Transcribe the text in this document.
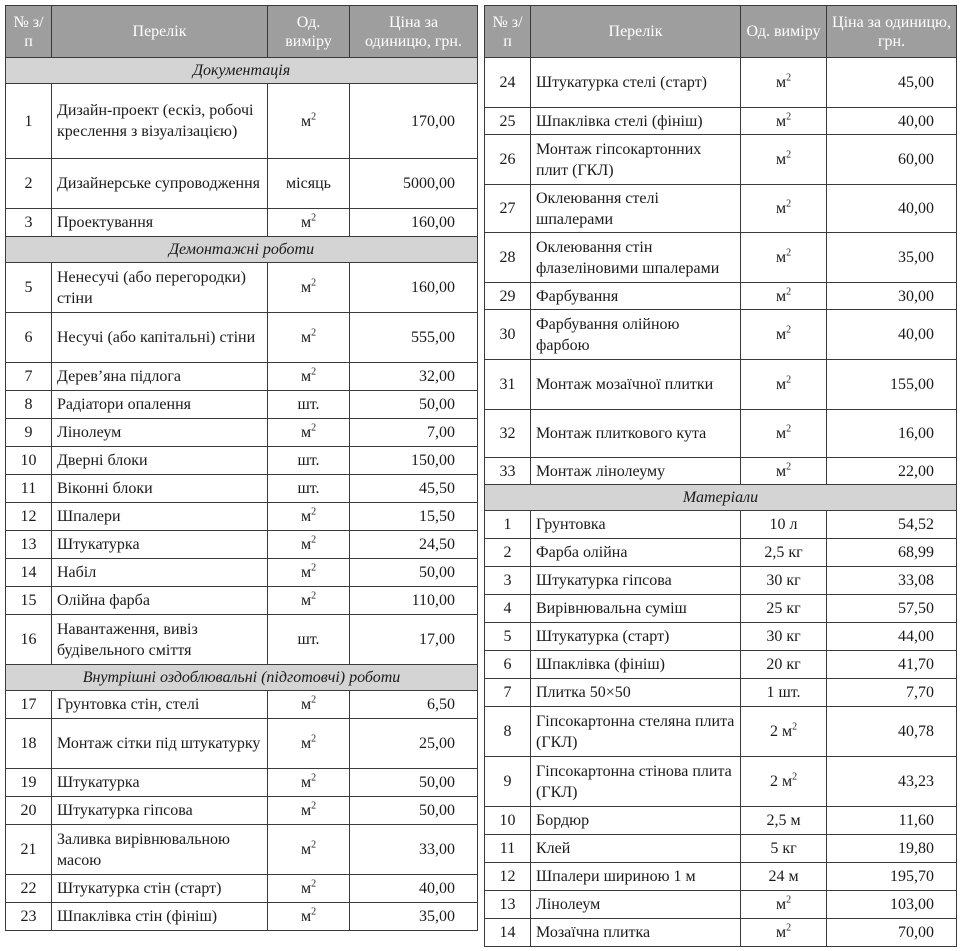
№ з/п	Перелік	Од. виміру	Ціна за одиницю, грн.
Документація			
1	Дизайн-проект (ескіз, робочі креслення з візуалізацією)	$м^2$	170,00
2	Дизайнерське супроводження	місяць	5000,00
3	Проектування	$м^2$	160,00
Демонтажні роботи			
5	Ненесучі (або перегородки) стіни	$м^2$	160,00
6	Несучі (або капітальні) стіни	$м^2$	555,00
7	Дерев’яна підлога	$м^2$	32,00
8	Радіатори опалення	шт.	50,00
9	Лінолеум	$м^2$	7,00
10	Дверні блоки	шт.	150,00
11	Віконні блоки	шт.	45,50
12	Шпалери	$м^2$	15,50
13	Штукатурка	$м^2$	24,50
14	Набіл	$м^2$	50,00
15	Олійна фарба	$м^2$	110,00
16	Навантаження, вивіз будівельного сміття	шт.	17,00
Внутрішні оздоблювальні (підготовчі) роботи			
17	Грунтовка стін, стелі	$м^2$	6,50
18	Монтаж сітки під штукатурку	$м^2$	25,00
19	Штукатурка	$м^2$	50,00
20	Штукатурка гіпсова	$м^2$	50,00
21	Заливка вирівнювальною масою	$м^2$	33,00
22	Штукатурка стін (старт)	$м^2$	40,00
23	Шпаклівка стін (фініш)	$м^2$	35,00
№ з/п	Перелік	Од. виміру	Ціна за одиницю, грн.
24	Штукатурка стелі (старт)	$м^2$	45,00
25	Шпаклівка стелі (фініш)	$м^2$	40,00
26	Монтаж гіпсокартонних плит (ГКЛ)	$м^2$	60,00
27	Оклеювання стелі шпалерами	$м^2$	40,00
28	Оклеювання стін флазеліновими шпалерами	$м^2$	35,00
29	Фарбування	$м^2$	30,00
30	Фарбування олійною фарбою	$м^2$	40,00
31	Монтаж мозаїчної плитки	$м^2$	155,00
32	Монтаж плиткового кута	$м^2$	16,00
33	Монтаж лінолеуму	$м^2$	22,00
Матеріали			
1	Грунтовка	10 л	54,52
2	Фарба олійна	2,5 кг	68,99
3	Штукатурка гіпсова	30 кг	33,08
4	Вирівнювальна суміш	25 кг	57,50
5	Штукатурка (старт)	30 кг	44,00
6	Шпаклівка (фініш)	20 кг	41,70
7	Плитка 50×50	1 шт.	7,70
8	Гіпсокартонна стеляна плита (ГКЛ)	2 $м^2$	40,78
9	Гіпсокартонна стінова плита (ГКЛ)	2 $м^2$	43,23
10	Бордюр	2,5 м	11,60
11	Клей	5 кг	19,80
12	Шпалери шириною 1 м	24 м	195,70
13	Лінолеум	$м^2$	103,00
14	Мозаїчна плитка	$м^2$	70,00
